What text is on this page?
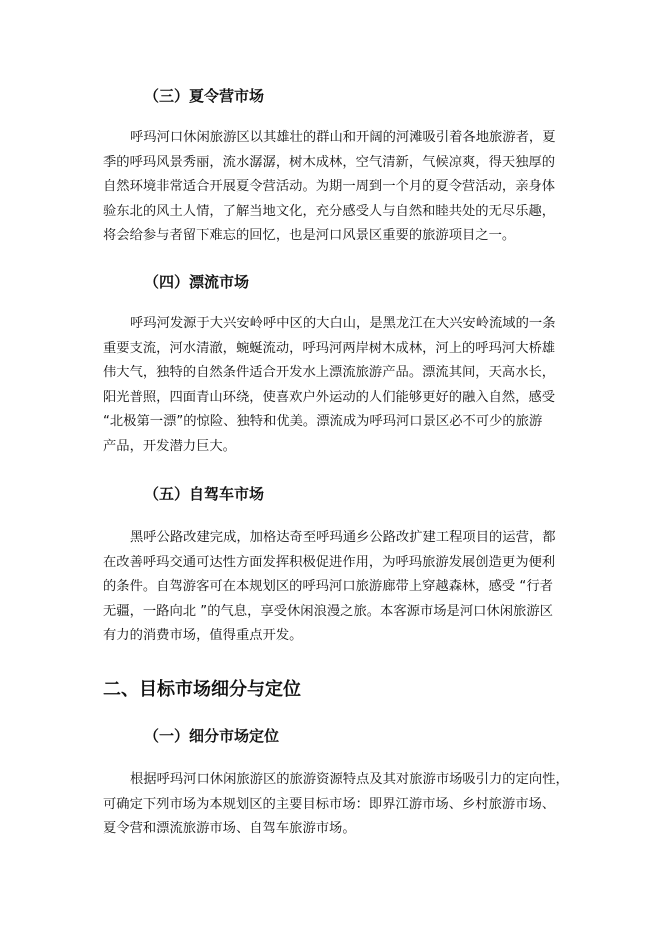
（三）夏令营市场
呼玛河口休闲旅游区以其雄壮的群山和开阔的河滩吸引着各地旅游者，夏
季的呼玛风景秀丽，流水潺潺，树木成林，空气清新，气候凉爽，得天独厚的
自然环境非常适合开展夏令营活动。为期一周到一个月的夏令营活动，亲身体
验东北的风土人情，了解当地文化，充分感受人与自然和睦共处的无尽乐趣，
将会给参与者留下难忘的回忆，也是河口风景区重要的旅游项目之一。
（四）漂流市场
呼玛河发源于大兴安岭呼中区的大白山，是黑龙江在大兴安岭流域的一条
重要支流，河水清澈，蜿蜒流动，呼玛河两岸树木成林，河上的呼玛河大桥雄
伟大气，独特的自然条件适合开发水上漂流旅游产品。漂流其间，天高水长，
阳光普照，四面青山环绕，使喜欢户外运动的人们能够更好的融入自然，感受
“北极第一漂”的惊险、独特和优美。漂流成为呼玛河口景区必不可少的旅游
产品，开发潜力巨大。
（五）自驾车市场
黑呼公路改建完成，加格达奇至呼玛通乡公路改扩建工程项目的运营，都
在改善呼玛交通可达性方面发挥积极促进作用，为呼玛旅游发展创造更为便利
的条件。自驾游客可在本规划区的呼玛河口旅游廊带上穿越森林，感受 “行者
无疆，一路向北 ”的气息，享受休闲浪漫之旅。本客源市场是河口休闲旅游区
有力的消费市场，值得重点开发。
二、目标市场细分与定位
（一）细分市场定位
根据呼玛河口休闲旅游区的旅游资源特点及其对旅游市场吸引力的定向性，
可确定下列市场为本规划区的主要目标市场：即界江游市场、乡村旅游市场、
夏令营和漂流旅游市场、自驾车旅游市场。
